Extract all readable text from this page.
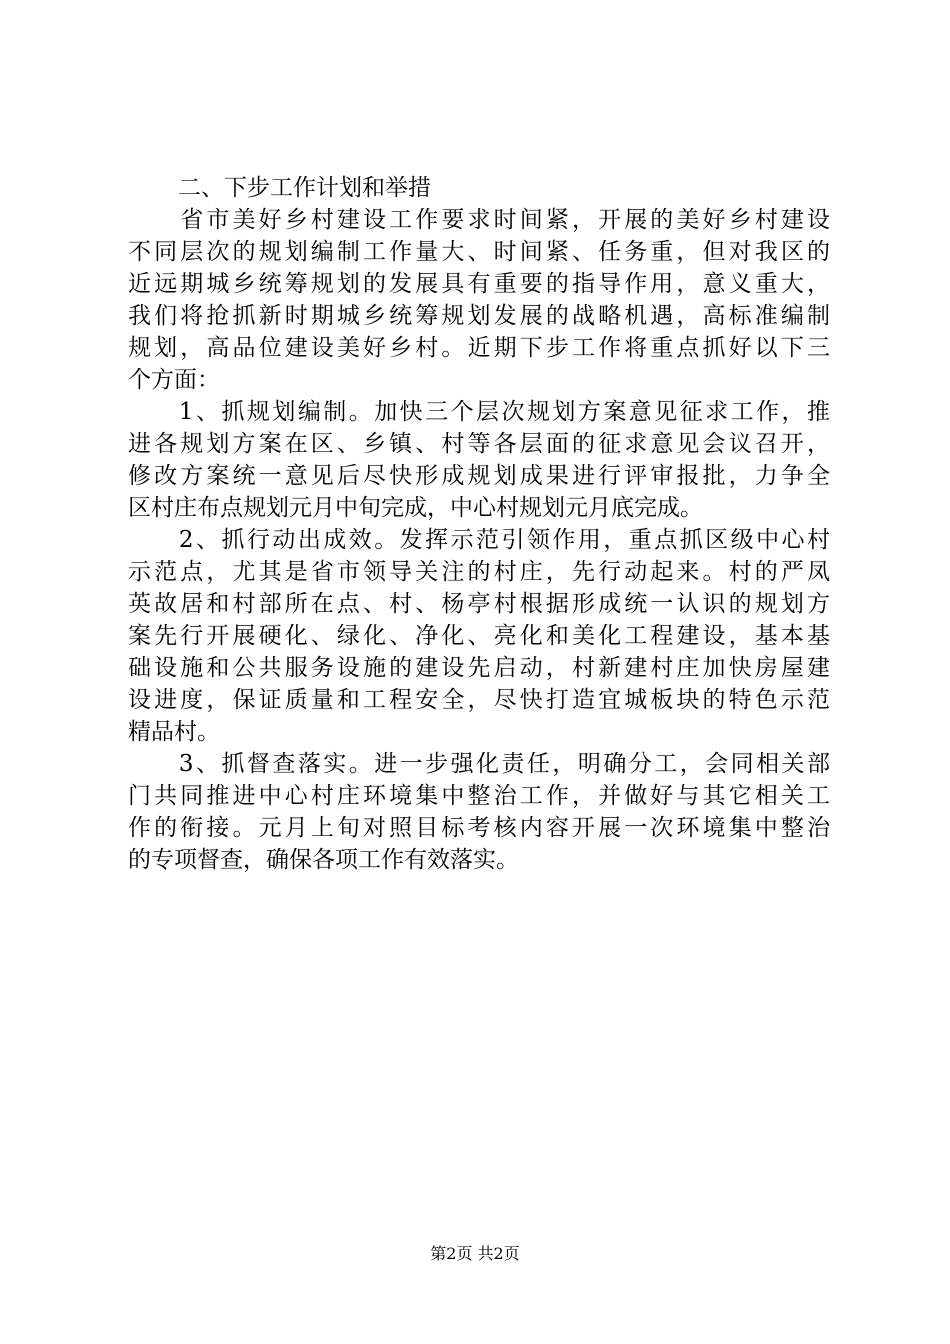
二、下步工作计划和举措
　　省市美好乡村建设工作要求时间紧，开展的美好乡村建设
不同层次的规划编制工作量大、时间紧、任务重，但对我区的
近远期城乡统筹规划的发展具有重要的指导作用，意义重大，
我们将抢抓新时期城乡统筹规划发展的战略机遇，高标准编制
规划，高品位建设美好乡村。近期下步工作将重点抓好以下三
个方面：
　　1、抓规划编制。加快三个层次规划方案意见征求工作，推
进各规划方案在区、乡镇、村等各层面的征求意见会议召开，
修改方案统一意见后尽快形成规划成果进行评审报批，力争全
区村庄布点规划元月中旬完成，中心村规划元月底完成。
　　2、抓行动出成效。发挥示范引领作用，重点抓区级中心村
示范点，尤其是省市领导关注的村庄，先行动起来。村的严凤
英故居和村部所在点、村、杨亭村根据形成统一认识的规划方
案先行开展硬化、绿化、净化、亮化和美化工程建设，基本基
础设施和公共服务设施的建设先启动，村新建村庄加快房屋建
设进度，保证质量和工程安全，尽快打造宜城板块的特色示范
精品村。
　　3、抓督查落实。进一步强化责任，明确分工，会同相关部
门共同推进中心村庄环境集中整治工作，并做好与其它相关工
作的衔接。元月上旬对照目标考核内容开展一次环境集中整治
的专项督查，确保各项工作有效落实。
第2页 共2页
